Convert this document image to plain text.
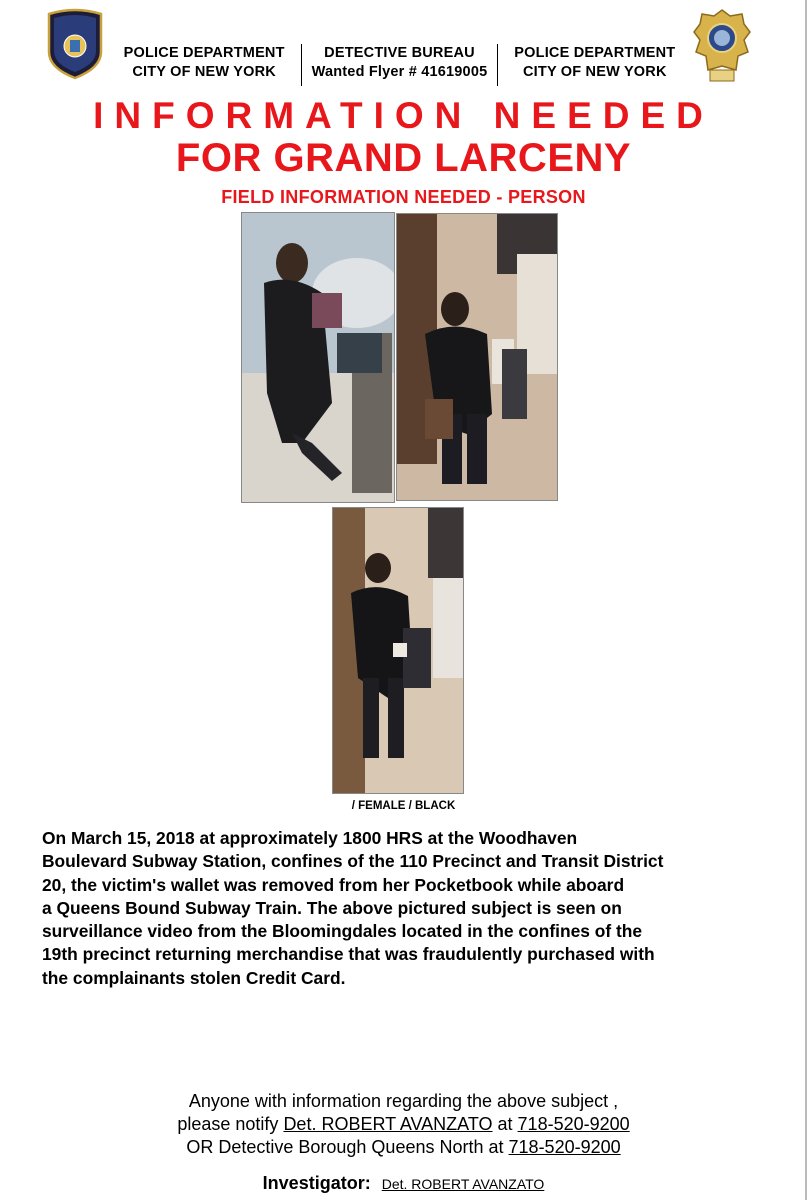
POLICE DEPARTMENT
CITY OF NEW YORK
DETECTIVE BUREAU
Wanted Flyer # 41619005
POLICE DEPARTMENT
CITY OF NEW YORK
INFORMATION NEEDED
FOR GRAND LARCENY
FIELD INFORMATION NEEDED - PERSON
/ FEMALE / BLACK
On March 15, 2018 at approximately 1800 HRS at the Woodhaven
Boulevard Subway Station, confines of the 110 Precinct and Transit District
20, the victim's wallet was removed from her Pocketbook while aboard
a Queens Bound Subway Train. The above pictured subject is seen on
surveillance video from the Bloomingdales located in the confines of the
19th precinct returning merchandise that was fraudulently purchased with
the complainants stolen Credit Card.
Anyone with information regarding the above subject ,
please notify Det. ROBERT AVANZATO at 718-520-9200
OR Detective Borough Queens North at 718-520-9200
Investigator: Det. ROBERT AVANZATO
